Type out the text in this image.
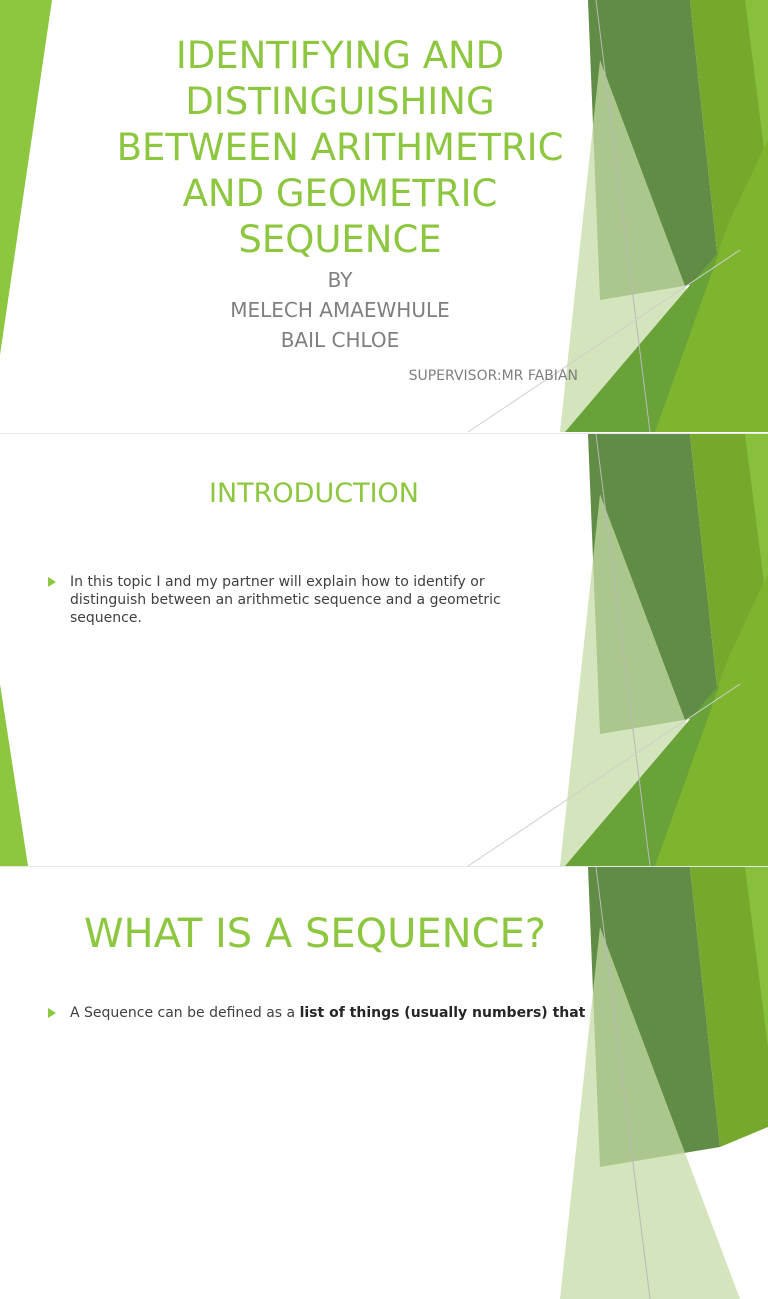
IDENTIFYING AND
DISTINGUISHING
BETWEEN ARITHMETRIC
AND GEOMETRIC
SEQUENCE

BY

MELECH AMAEWHULE

BAIL CHLOE

SUPERVISOR:MR FABIAN
INTRODUCTION
In this topic I and my partner will explain how to identify or distinguish between an arithmetic sequence and a geometric sequence.
WHAT IS A SEQUENCE?
A Sequence can be defined as a list of things (usually numbers) that
